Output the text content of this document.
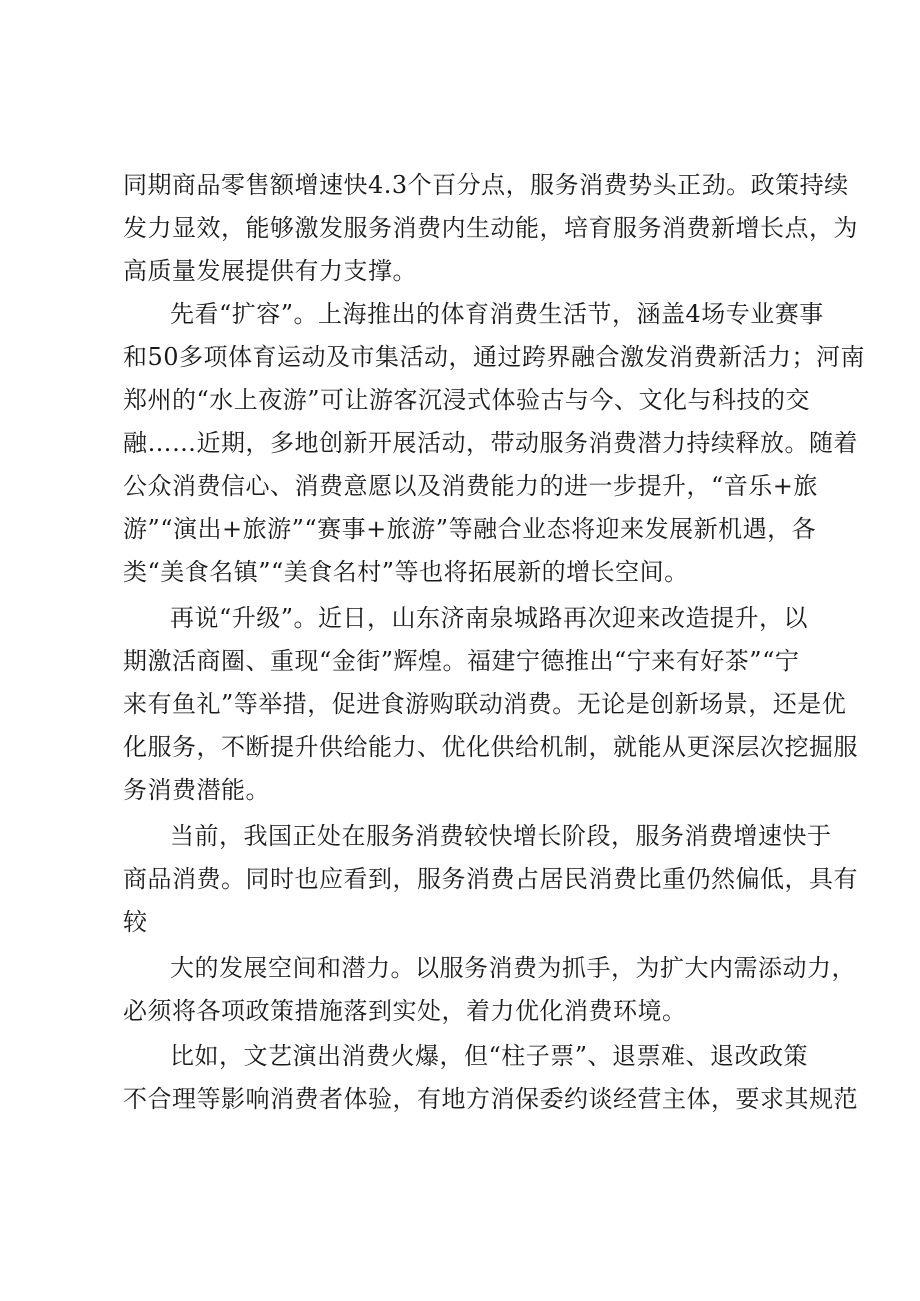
同期商品零售额增速快4.3个百分点，服务消费势头正劲。政策持续
发力显效，能够激发服务消费内生动能，培育服务消费新增长点，为
高质量发展提供有力支撑。
先看“扩容”。上海推出的体育消费生活节，涵盖4场专业赛事
和50多项体育运动及市集活动，通过跨界融合激发消费新活力；河南
郑州的“水上夜游”可让游客沉浸式体验古与今、文化与科技的交
融……近期，多地创新开展活动，带动服务消费潜力持续释放。随着
公众消费信心、消费意愿以及消费能力的进一步提升，“音乐+旅
游”“演出+旅游”“赛事+旅游”等融合业态将迎来发展新机遇，各
类“美食名镇”“美食名村”等也将拓展新的增长空间。
再说“升级”。近日，山东济南泉城路再次迎来改造提升，以
期激活商圈、重现“金街”辉煌。福建宁德推出“宁来有好茶”“宁
来有鱼礼”等举措，促进食游购联动消费。无论是创新场景，还是优
化服务，不断提升供给能力、优化供给机制，就能从更深层次挖掘服
务消费潜能。
当前，我国正处在服务消费较快增长阶段，服务消费增速快于
商品消费。同时也应看到，服务消费占居民消费比重仍然偏低，具有
较
大的发展空间和潜力。以服务消费为抓手，为扩大内需添动力，
必须将各项政策措施落到实处，着力优化消费环境。
比如，文艺演出消费火爆，但“柱子票”、退票难、退改政策
不合理等影响消费者体验，有地方消保委约谈经营主体，要求其规范
